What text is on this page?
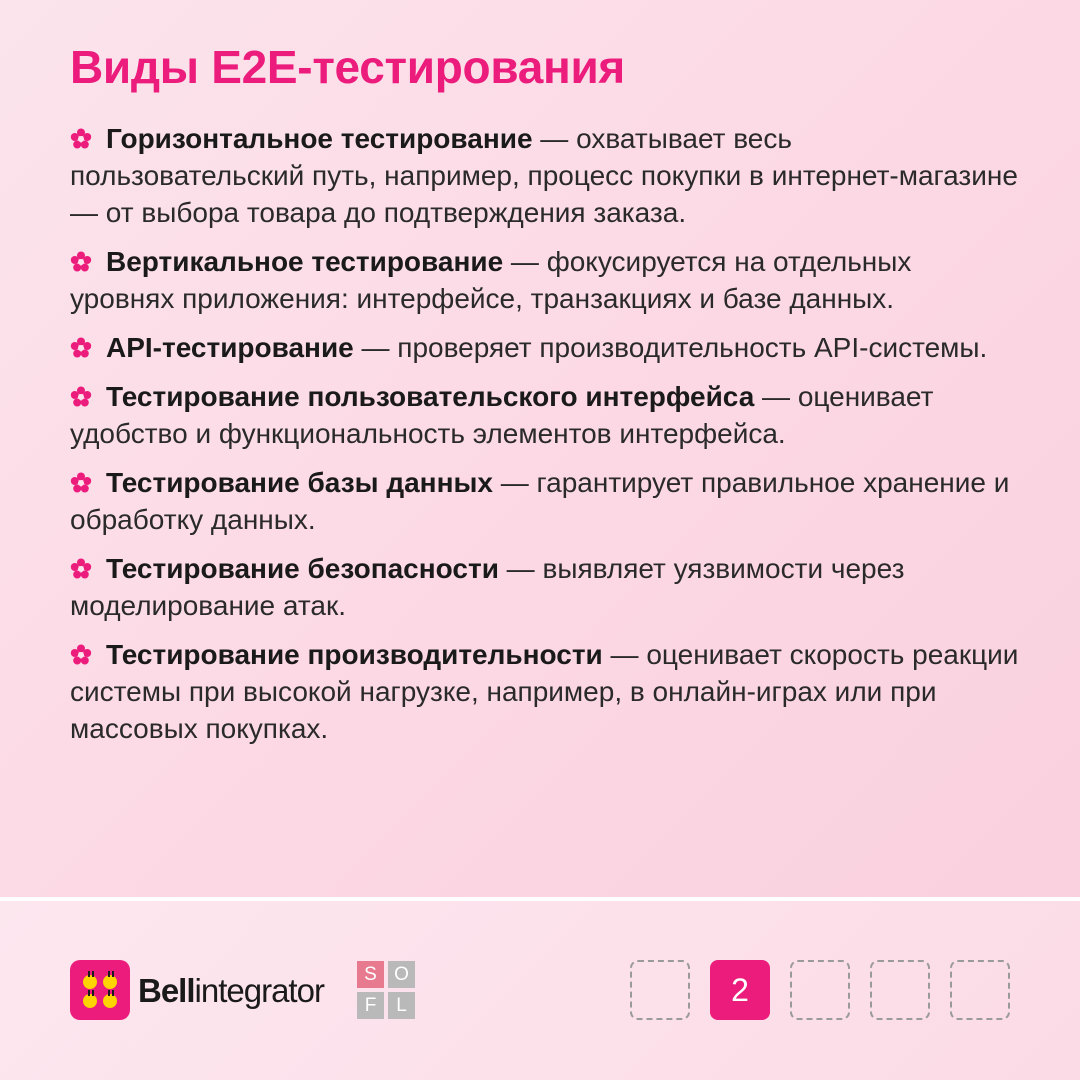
Виды E2E-тестирования
Горизонтальное тестирование — охватывает весь пользовательский путь, например, процесс покупки в интернет-магазине — от выбора товара до подтверждения заказа.
Вертикальное тестирование — фокусируется на отдельных уровнях приложения: интерфейсе, транзакциях и базе данных.
API-тестирование — проверяет производительность API-системы.
Тестирование пользовательского интерфейса — оценивает удобство и функциональность элементов интерфейса.
Тестирование базы данных — гарантирует правильное хранение и обработку данных.
Тестирование безопасности — выявляет уязвимости через моделирование атак.
Тестирование производительности — оценивает скорость реакции системы при высокой нагрузке, например, в онлайн-играх или при массовых покупках.
Bellintegrator	S O
F	L	2
